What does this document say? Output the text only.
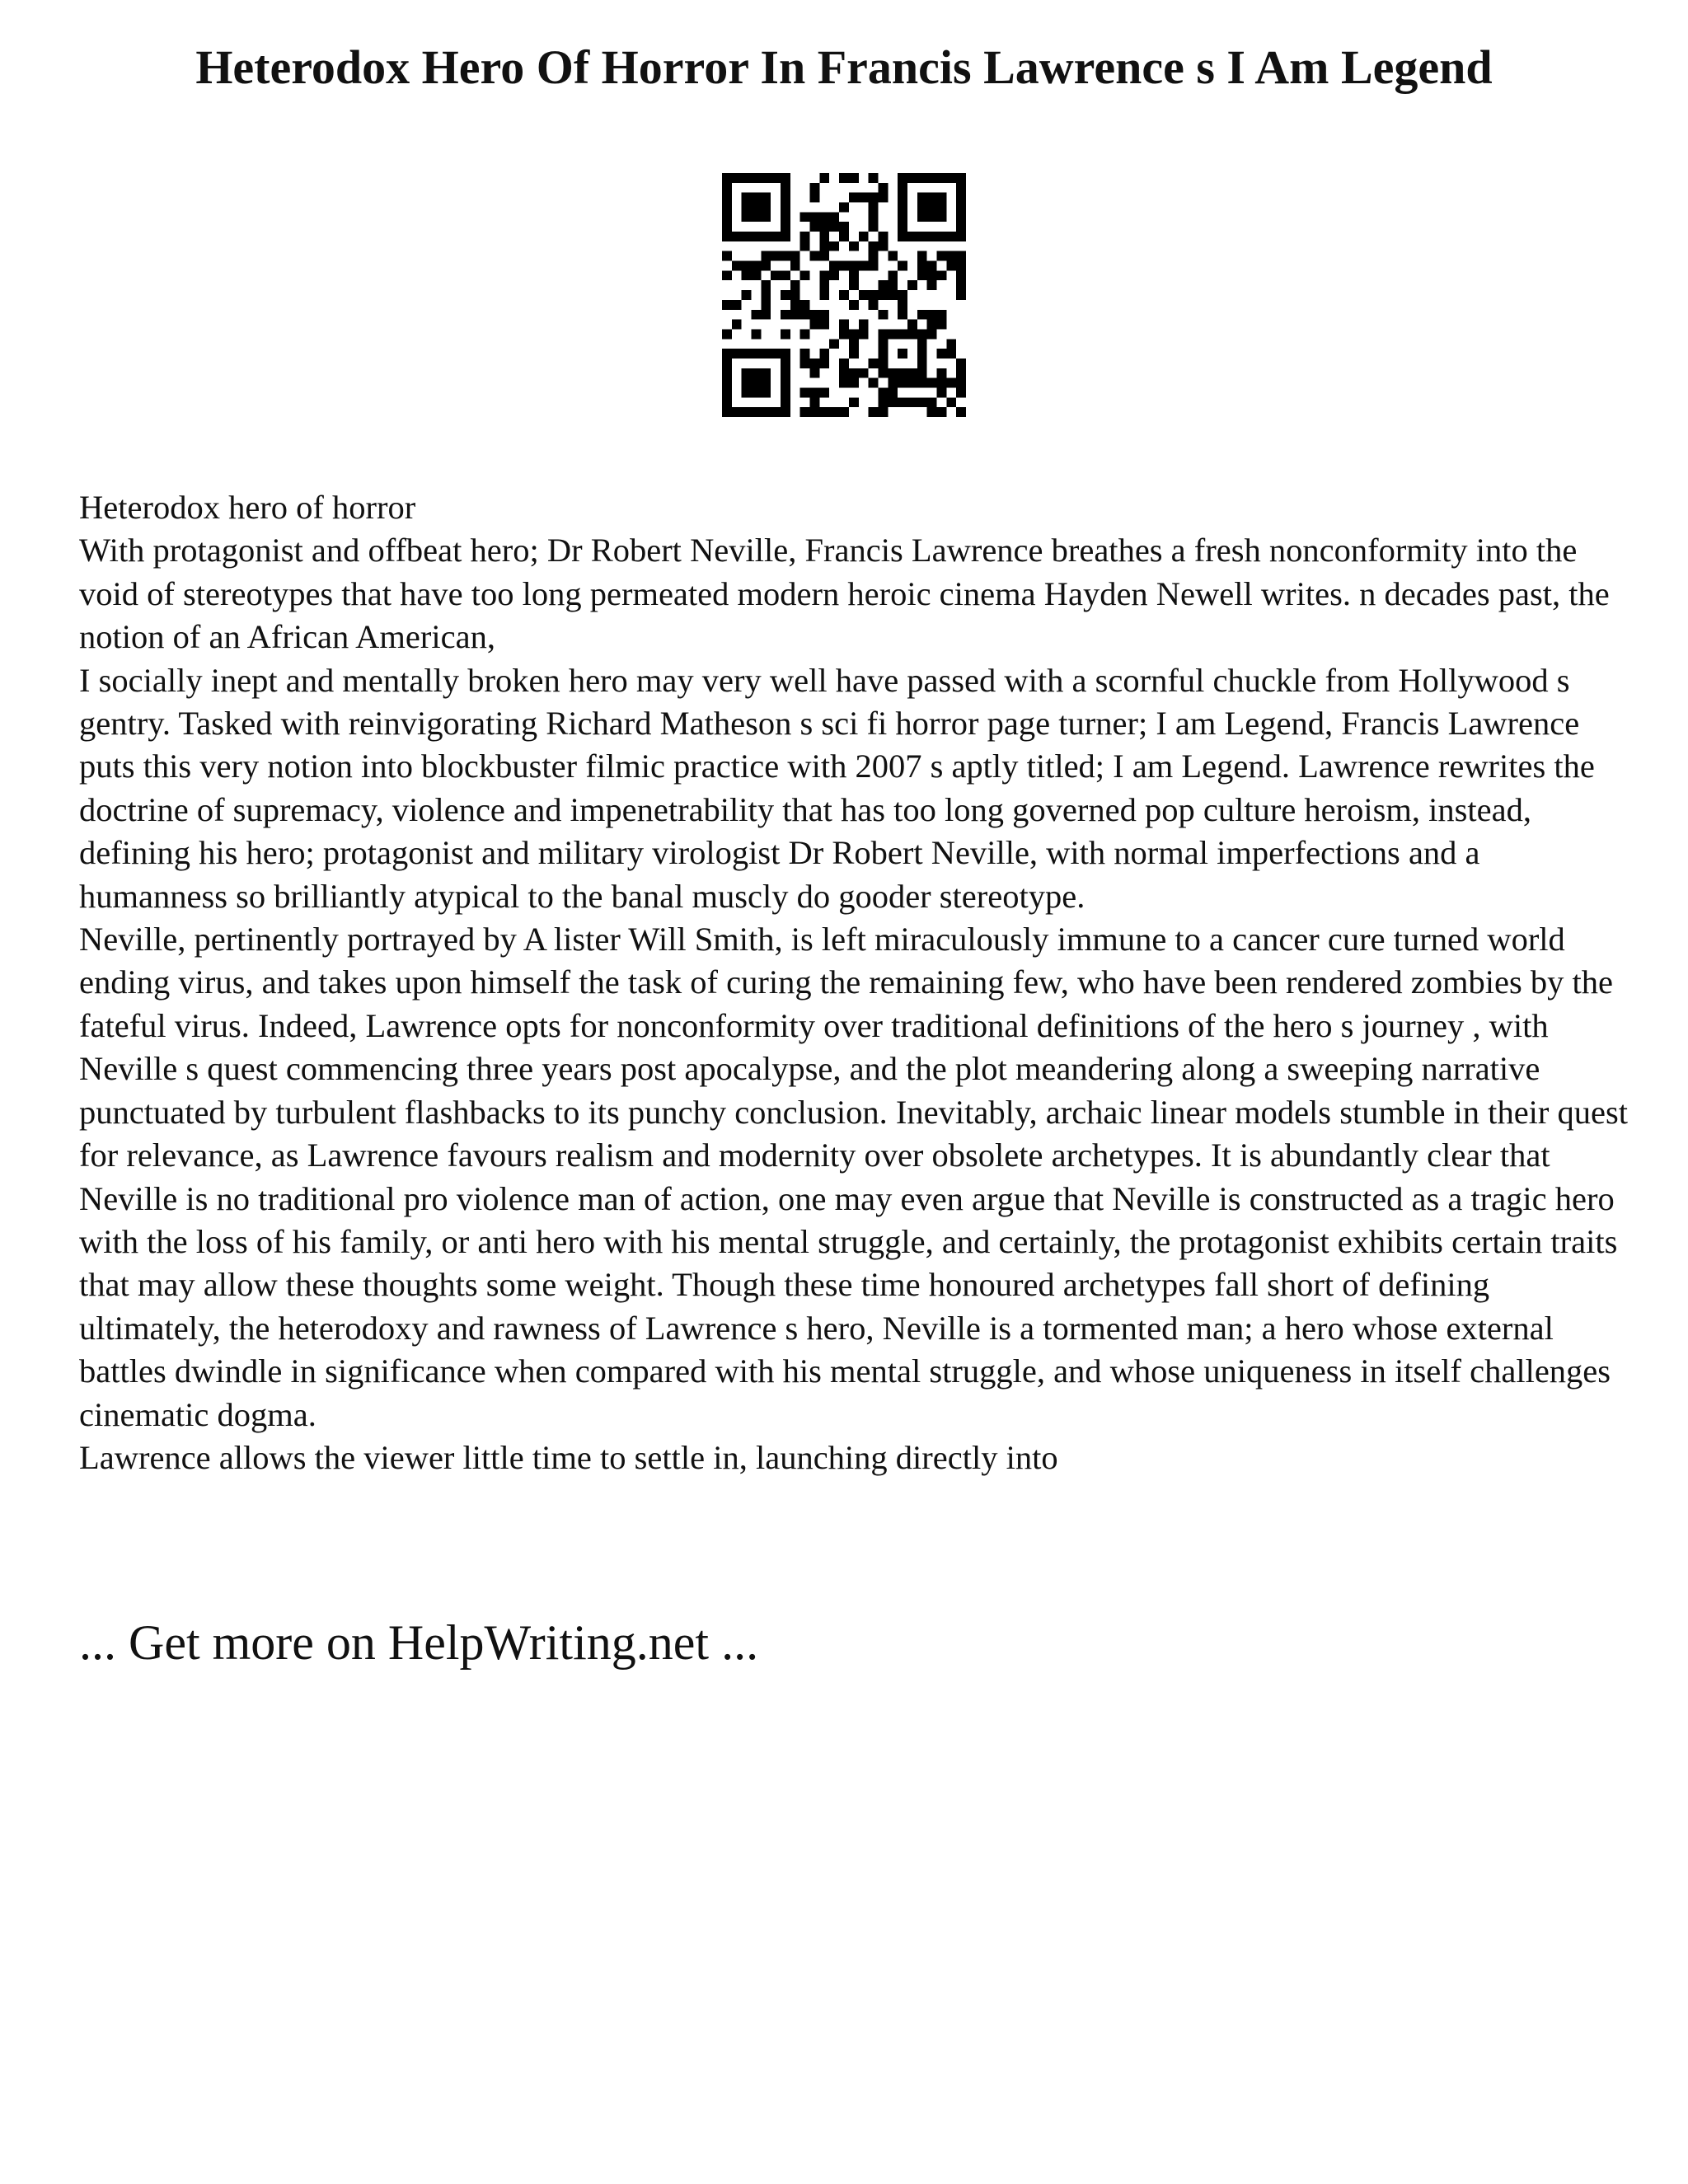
Heterodox Hero Of Horror In Francis Lawrence s I Am Legend

Heterodox hero of horror

With protagonist and offbeat hero; Dr Robert Neville, Francis Lawrence breathes a fresh nonconformity into the void of stereotypes that have too long permeated modern heroic cinema Hayden Newell writes. n decades past, the notion of an African American,

I socially inept and mentally broken hero may very well have passed with a scornful chuckle from Hollywood s gentry. Tasked with reinvigorating Richard Matheson s sci fi horror page turner; I am Legend, Francis Lawrence puts this very notion into blockbuster filmic practice with 2007 s aptly titled; I am Legend. Lawrence rewrites the doctrine of supremacy, violence and impenetrability that has too long governed pop culture heroism, instead, defining his hero; protagonist and military virologist Dr Robert Neville, with normal imperfections and a humanness so brilliantly atypical to the banal muscly do gooder stereotype.

Neville, pertinently portrayed by A lister Will Smith, is left miraculously immune to a cancer cure turned world ending virus, and takes upon himself the task of curing the remaining few, who have been rendered zombies by the fateful virus. Indeed, Lawrence opts for nonconformity over traditional definitions of the hero s journey , with Neville s quest commencing three years post apocalypse, and the plot meandering along a sweeping narrative punctuated by turbulent flashbacks to its punchy conclusion. Inevitably, archaic linear models stumble in their quest for relevance, as Lawrence favours realism and modernity over obsolete archetypes. It is abundantly clear that Neville is no traditional pro violence man of action, one may even argue that Neville is constructed as a tragic hero with the loss of his family, or anti hero with his mental struggle, and certainly, the protagonist exhibits certain traits that may allow these thoughts some weight. Though these time honoured archetypes fall short of defining ultimately, the heterodoxy and rawness of Lawrence s hero, Neville is a tormented man; a hero whose external battles dwindle in significance when compared with his mental struggle, and whose uniqueness in itself challenges cinematic dogma.

Lawrence allows the viewer little time to settle in, launching directly into

... Get more on HelpWriting.net ...
